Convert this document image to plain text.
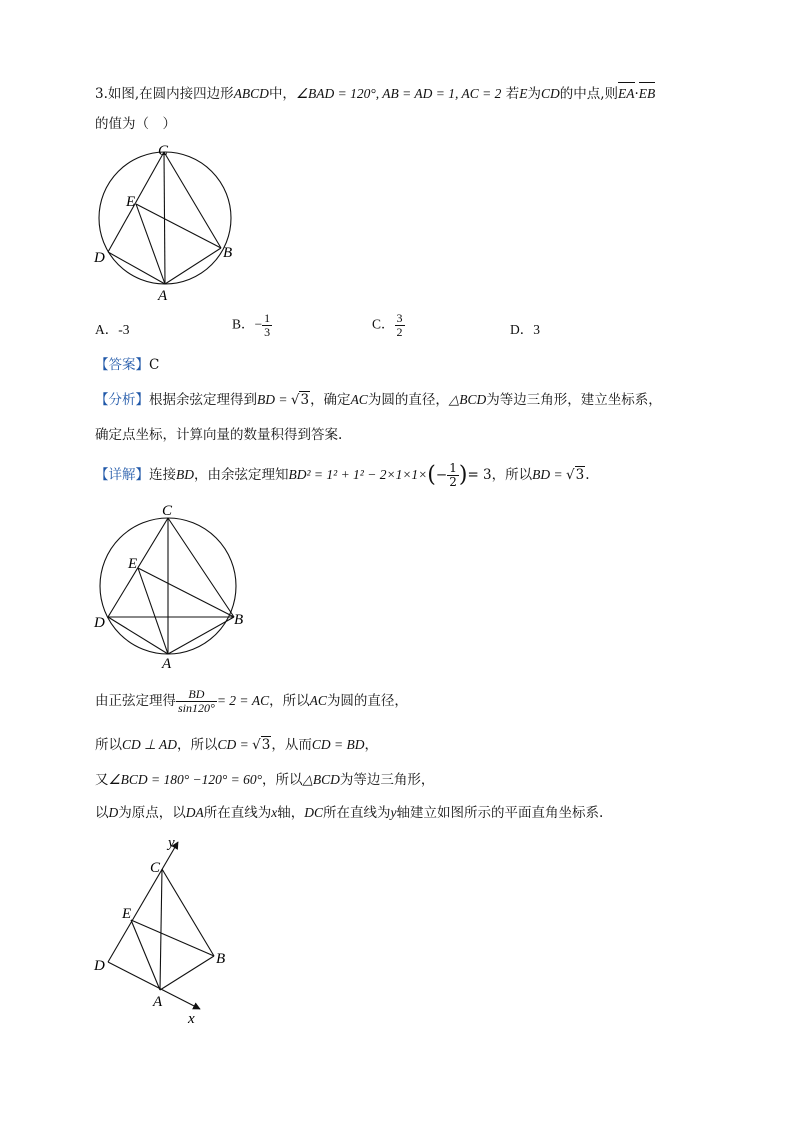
3.如图,在圆内接四边形ABCD中，∠BAD = 120°, AB = AD = 1, AC = 2 若E为CD的中点,则EA·EB
的值为（　）
C
E
D	B
A
A．-3	B．− $\frac{1}{3}$	C． $\frac{3}{2}$	D．3
【答案】C
【分析】根据余弦定理得到BD = √3，确定AC为圆的直径，△BCD为等边三角形，建立坐标系，
确定点坐标，计算向量的数量积得到答案.
【详解】连接BD，由余弦定理知$BD^2 = 1^2 + 1^2 - 2\times 1\times 1\times(- \frac{1}{2}$ )= 3，所以BD = √3.
C
E
D	B
A
由正弦定理得 $\frac{BD}{\sin 120^\circ} = 2$ = AC，所以AC为圆的直径，
所以CD ⊥ AD，所以CD = √3，从而CD = BD，
又∠BCD = 180° −120° = 60°，所以△BCD为等边三角形，
以D为原点，以DA所在直线为x轴，DC所在直线为y轴建立如图所示的平面直角坐标系.
y
C
E
D	B
A
x
